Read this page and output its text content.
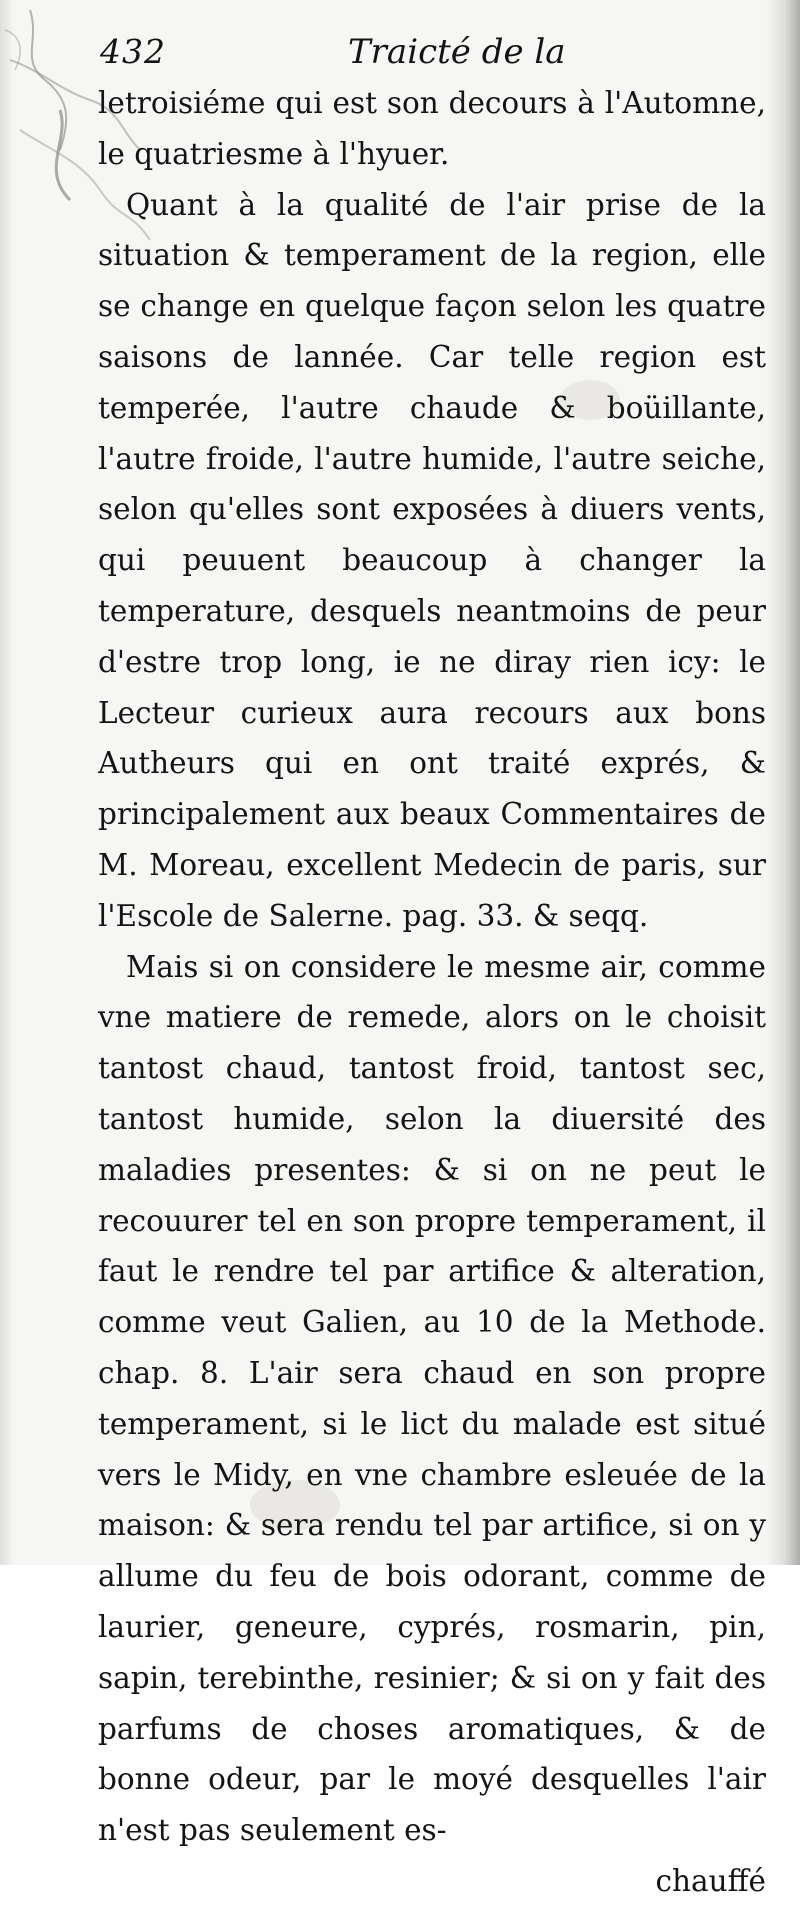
432	Traicté de la

letroisiéme qui est son decours à l'Automne, le quatriesme à l'hyuer.

Quant à la qualité de l'air prise de la situation & temperament de la region, elle se change en quelque façon selon les quatre saisons de lannée. Car telle region est temperée, l'autre chaude & boüillante, l'autre froide, l'autre humide, l'autre seiche, selon qu'elles sont exposées à diuers vents, qui peuuent beaucoup à changer la temperature, desquels neantmoins de peur d'estre trop long, ie ne diray rien icy: le Lecteur curieux aura recours aux bons Autheurs qui en ont traité exprés, & principalement aux beaux Commentaires de M. Moreau, excellent Medecin de paris, sur l'Escole de Salerne. pag. 33. & seqq.

Mais si on considere le mesme air, comme vne matiere de remede, alors on le choisit tantost chaud, tantost froid, tantost sec, tantost humide, selon la diuersité des maladies presentes: & si on ne peut le recouurer tel en son propre temperament, il faut le rendre tel par artifice & alteration, comme veut Galien, au 10 de la Methode. chap. 8. L'air sera chaud en son propre temperament, si le lict du malade est situé vers le Midy, en vne chambre esleuée de la maison: & sera rendu tel par artifice, si on y allume du feu de bois odorant, comme de laurier, geneure, cyprés, rosmarin, pin, sapin, terebinthe, resinier; & si on y fait des parfums de choses aromatiques, & de bonne odeur, par le moyé desquelles l'air n'est pas seulement es-

chauffé
